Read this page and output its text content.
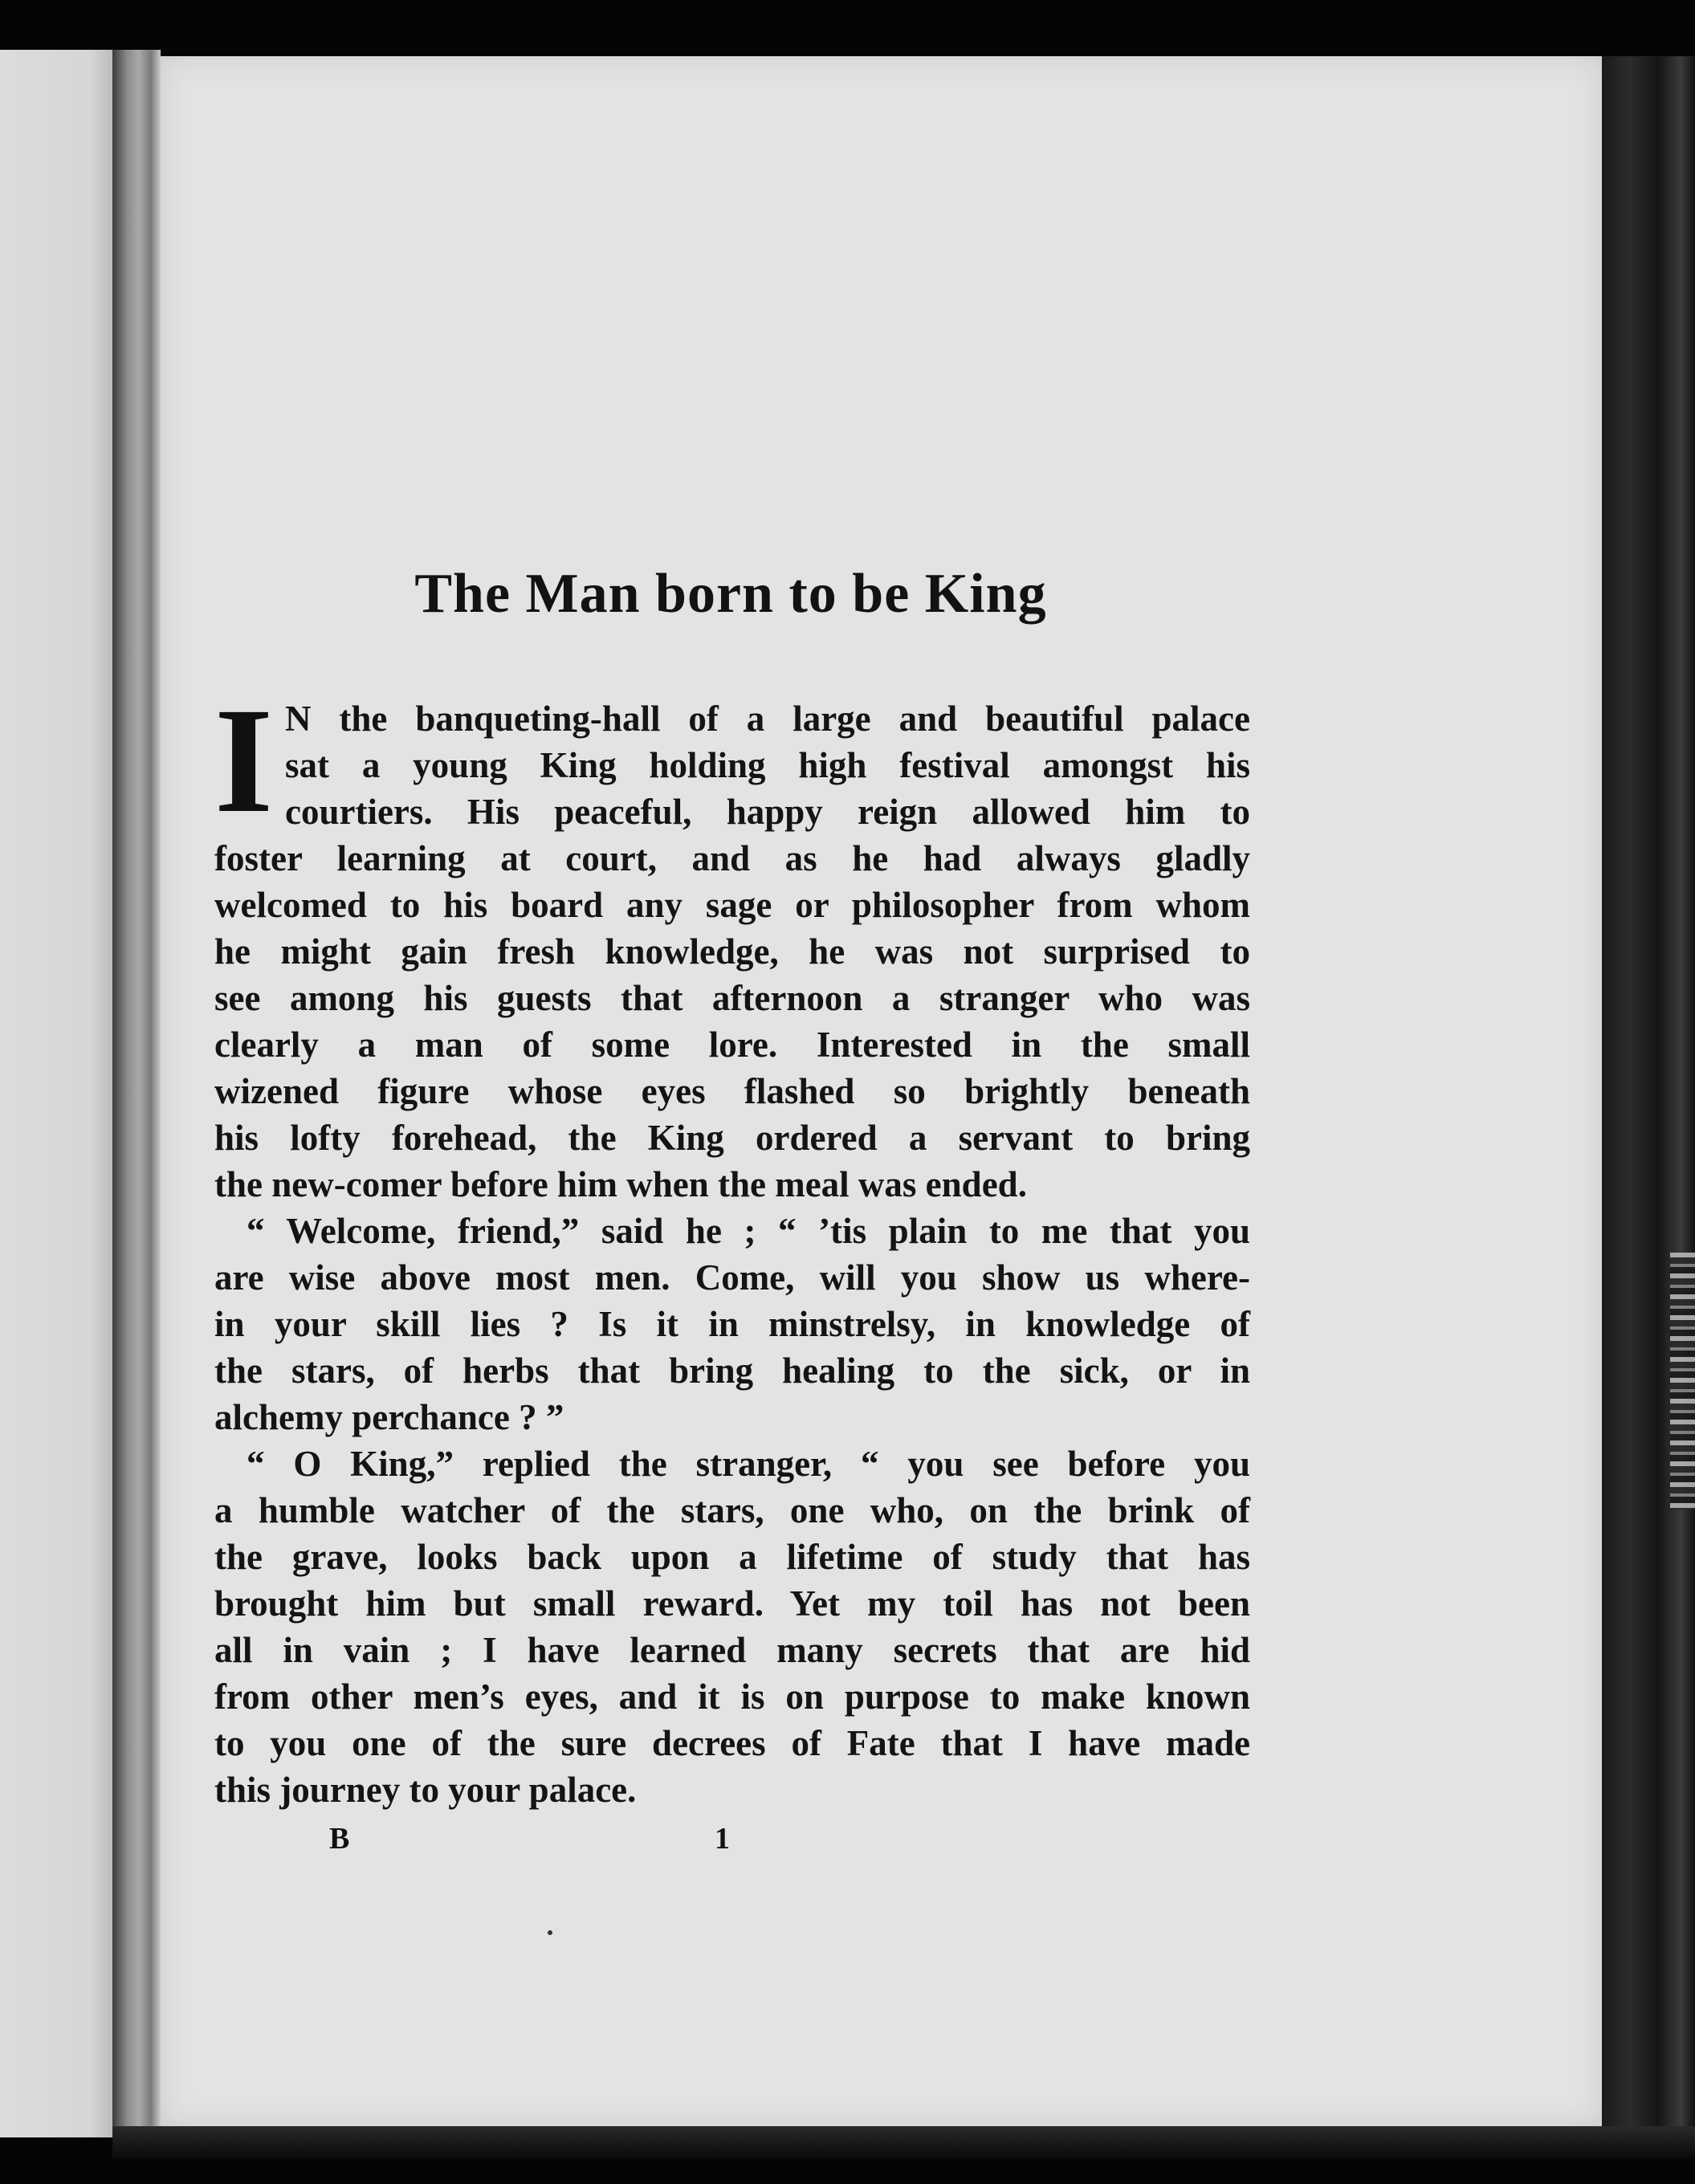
The Man born to be King
I N the banqueting-hall of a large and beautiful palace
sat a young King holding high festival amongst his
courtiers. His peaceful, happy reign allowed him to
foster learning at court, and as he had always gladly
welcomed to his board any sage or philosopher from whom
he might gain fresh knowledge, he was not surprised to
see among his guests that afternoon a stranger who was
clearly a man of some lore. Interested in the small
wizened figure whose eyes flashed so brightly beneath
his lofty forehead, the King ordered a servant to bring
the new-comer before him when the meal was ended.
“ Welcome, friend,” said he ; “ ’tis plain to me that you
are wise above most men. Come, will you show us where-
in your skill lies ? Is it in minstrelsy, in knowledge of
the stars, of herbs that bring healing to the sick, or in
alchemy perchance ? ”
“ O King,” replied the stranger, “ you see before you
a humble watcher of the stars, one who, on the brink of
the grave, looks back upon a lifetime of study that has
brought him but small reward. Yet my toil has not been
all in vain ; I have learned many secrets that are hid
from other men’s eyes, and it is on purpose to make known
to you one of the sure decrees of Fate that I have made
this journey to your palace.
B	1
